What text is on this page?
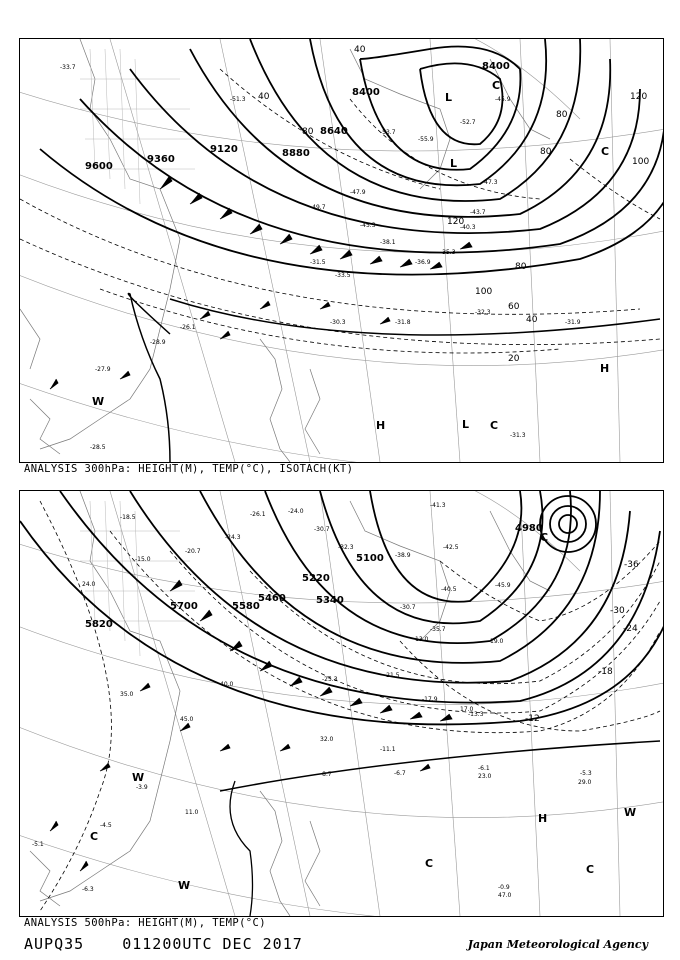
9600
9360
9120	8880
8640
8400
8400
40
80
120
100
80
60
40
20
120
100
80
40
80
-33.7
-51.3
-53.7
-55.9
-47.9
-49.7
-45.3
-38.1
-35.3
-31.5
-26.1
-28.9
-27.9
-28.5
-30.3	-31.8
-32.3
-31.9
-33.5
-36.9
-40.3
-43.7
-47.3
-52.7
-45.9
-31.3
W
H	L C
H
L
C
L
C
ANALYSIS 300hPa: HEIGHT(M), TEMP(°C), ISOTACH(KT)
5820
5700	5580
5460	5340
5220
5100
4980
-36
-30
-24
-18
-12
-18.5
-15.0
-20.7
-24.3
-26.1	-24.0
-30.7
-32.3
-38.9
-42.5
-41.3
-45.9
-40.5
-35.7
-30.7
-25.3
-21.5
-17.9
-13.3
-11.1
-8.7	-6.7
-6.1
-5.3
-4.5
-3.9
-5.1
-6.3	-0.9
23.0
29.0
47.0
11.0
13.0
17.0
19.0
24.0
32.0
35.0
40.0
45.0
W
C
W
H
C	C
W
C
ANALYSIS 500hPa: HEIGHT(M), TEMP(°C)
AUPQ35	011200UTC DEC 2017	Japan Meteorological Agency
